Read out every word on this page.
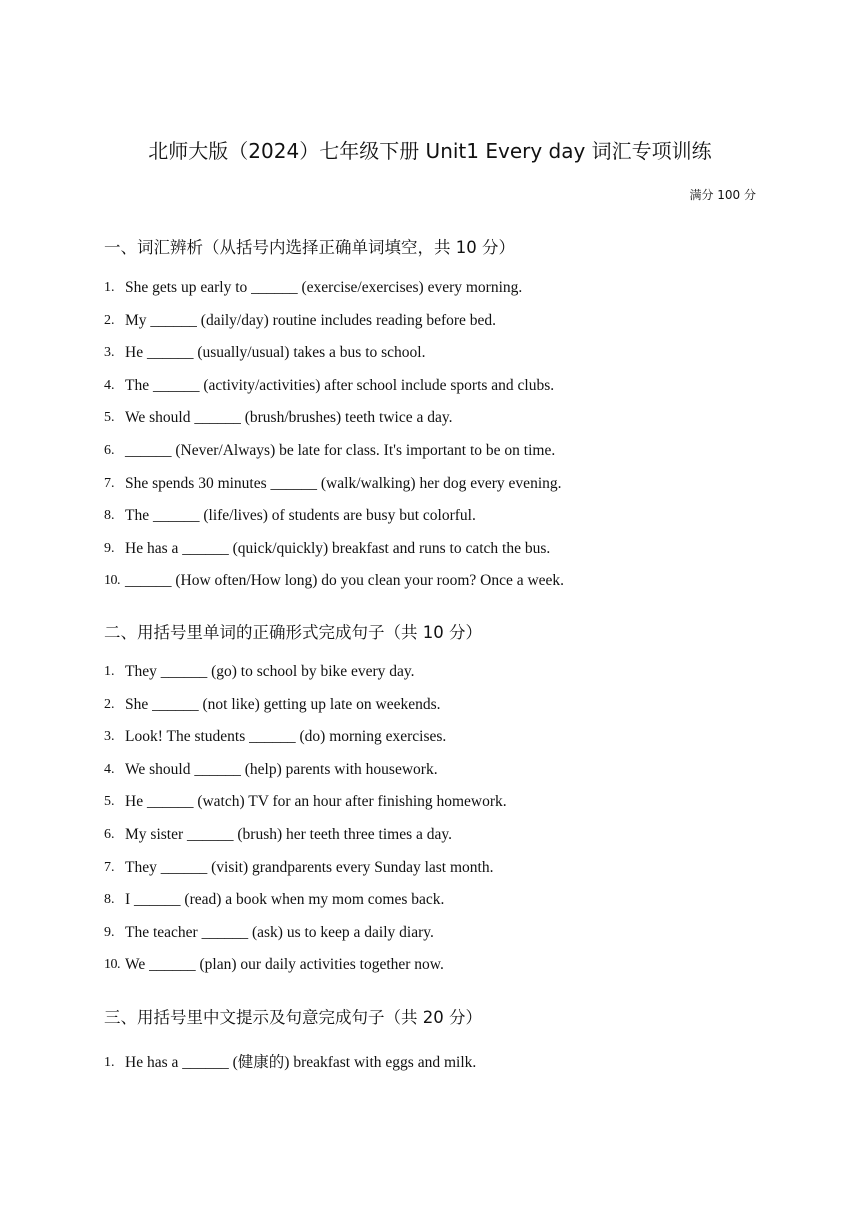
北师大版（2024）七年级下册 Unit1 Every day 词汇专项训练
满分 100 分
一、词汇辨析（从括号内选择正确单词填空，共 10 分）
1. She gets up early to ______ (exercise/exercises) every morning.
2. My ______ (daily/day) routine includes reading before bed.
3. He ______ (usually/usual) takes a bus to school.
4. The ______ (activity/activities) after school include sports and clubs.
5. We should ______ (brush/brushes) teeth twice a day.
6. ______ (Never/Always) be late for class. It's important to be on time.
7. She spends 30 minutes ______ (walk/walking) her dog every evening.
8. The ______ (life/lives) of students are busy but colorful.
9. He has a ______ (quick/quickly) breakfast and runs to catch the bus.
10. ______ (How often/How long) do you clean your room? Once a week.
二、用括号里单词的正确形式完成句子（共 10 分）
1. They ______ (go) to school by bike every day.
2. She ______ (not like) getting up late on weekends.
3. Look! The students ______ (do) morning exercises.
4. We should ______ (help) parents with housework.
5. He ______ (watch) TV for an hour after finishing homework.
6. My sister ______ (brush) her teeth three times a day.
7. They ______ (visit) grandparents every Sunday last month.
8. I ______ (read) a book when my mom comes back.
9. The teacher ______ (ask) us to keep a daily diary.
10. We ______ (plan) our daily activities together now.
三、用括号里中文提示及句意完成句子（共 20 分）
1. He has a ______ (健康的) breakfast with eggs and milk.
